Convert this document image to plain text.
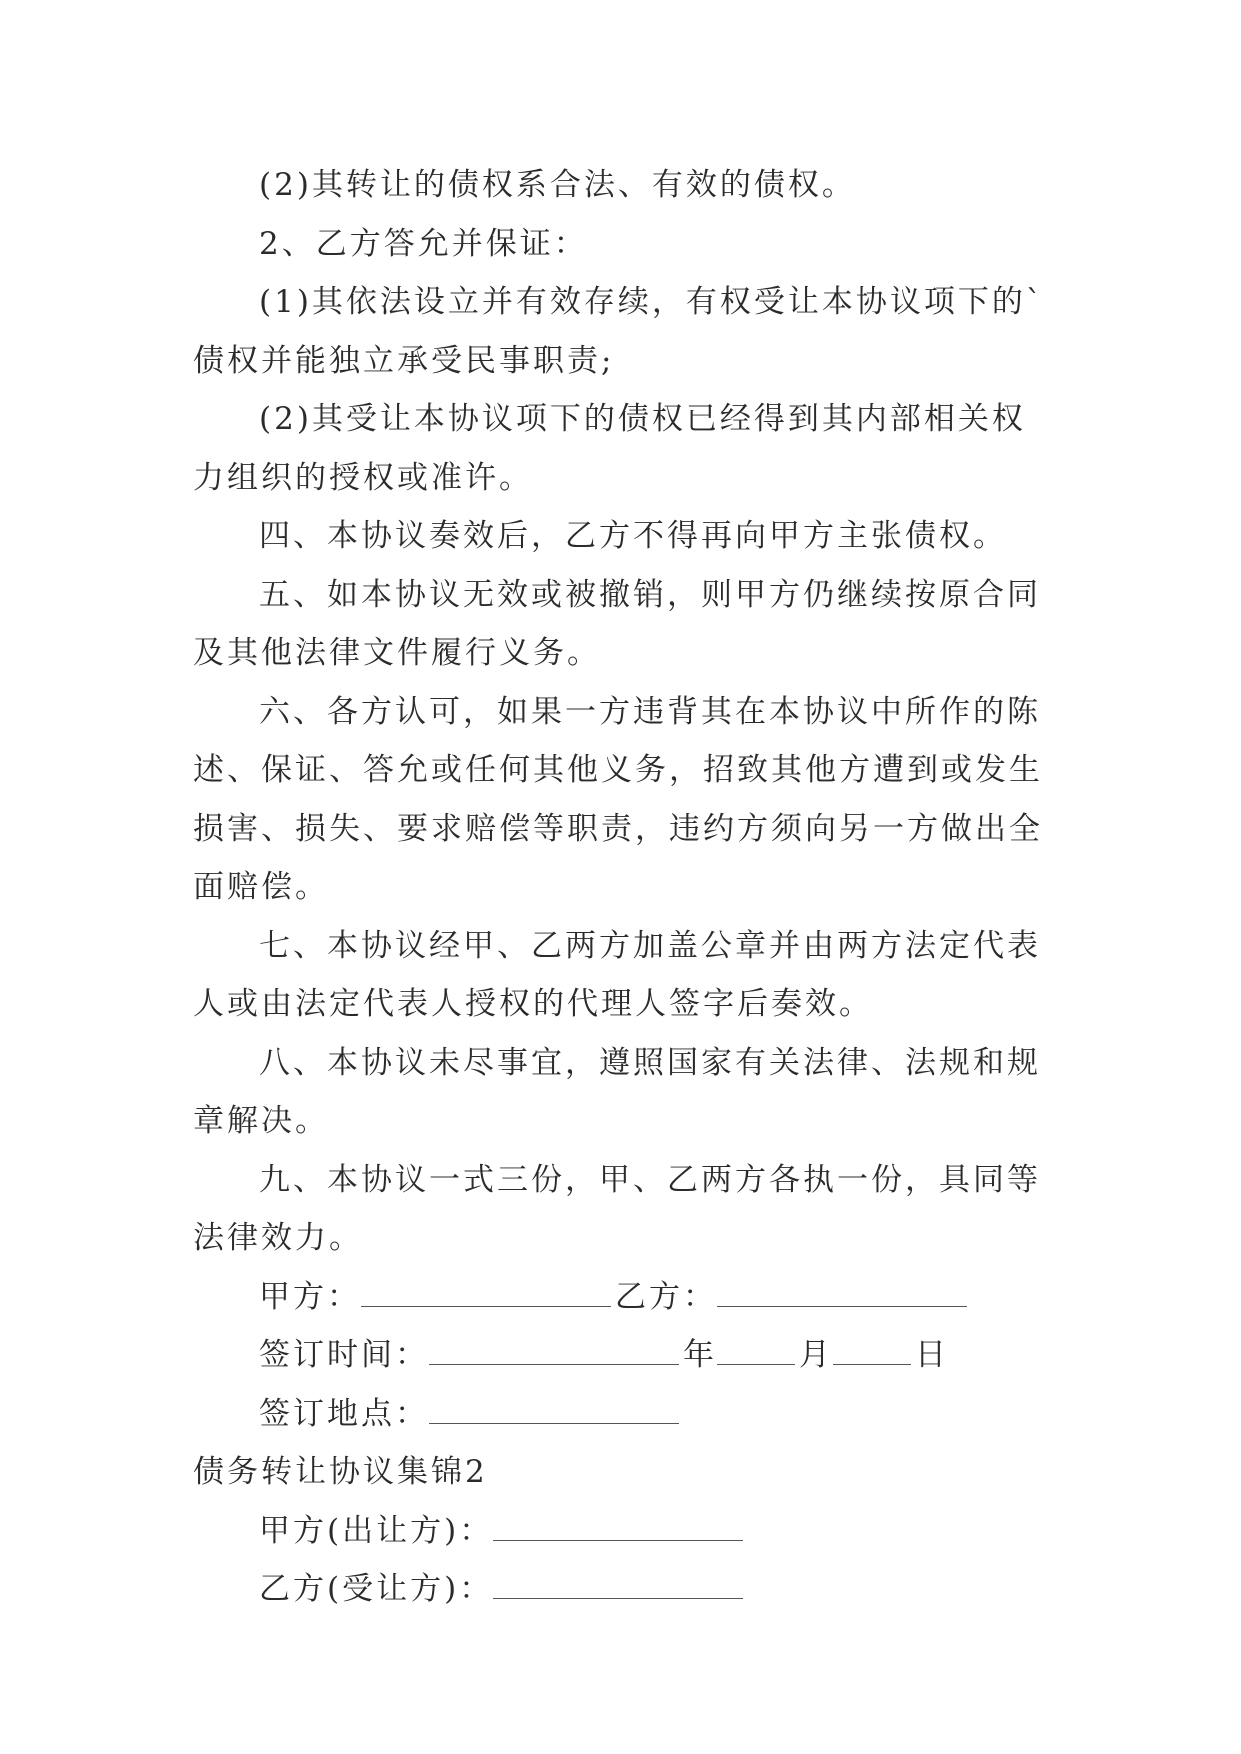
(2)其转让的债权系合法、有效的债权。

2、乙方答允并保证：

(1)其依法设立并有效存续，有权受让本协议项下的`债权并能独立承受民事职责;

(2)其受让本协议项下的债权已经得到其内部相关权力组织的授权或准许。

四、本协议奏效后，乙方不得再向甲方主张债权。

五、如本协议无效或被撤销，则甲方仍继续按原合同及其他法律文件履行义务。

六、各方认可，如果一方违背其在本协议中所作的陈述、保证、答允或任何其他义务，招致其他方遭到或发生损害、损失、要求赔偿等职责，违约方须向另一方做出全面赔偿。

七、本协议经甲、乙两方加盖公章并由两方法定代表人或由法定代表人授权的代理人签字后奏效。

八、本协议未尽事宜，遵照国家有关法律、法规和规章解决。

九、本协议一式三份，甲、乙两方各执一份，具同等法律效力。

甲方：	乙方：
签订时间：	年	月	日
签订地点：

债务转让协议集锦2

甲方(出让方)：
乙方(受让方)：
